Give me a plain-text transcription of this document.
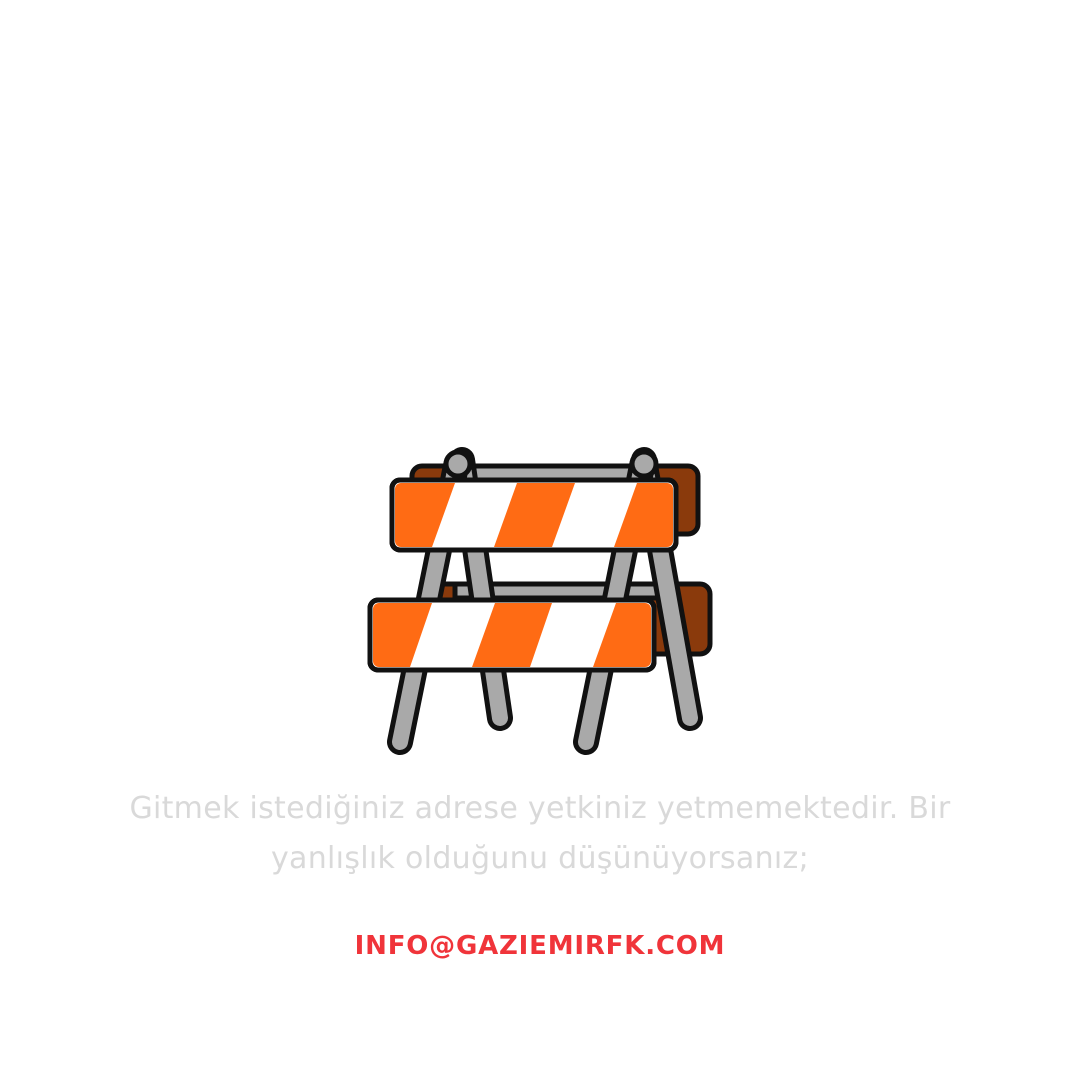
Gitmek istediğiniz adrese yetkiniz yetmemektedir. Bir
yanlışlık olduğunu düşünüyorsanız;
INFO@GAZIEMIRFK.COM
